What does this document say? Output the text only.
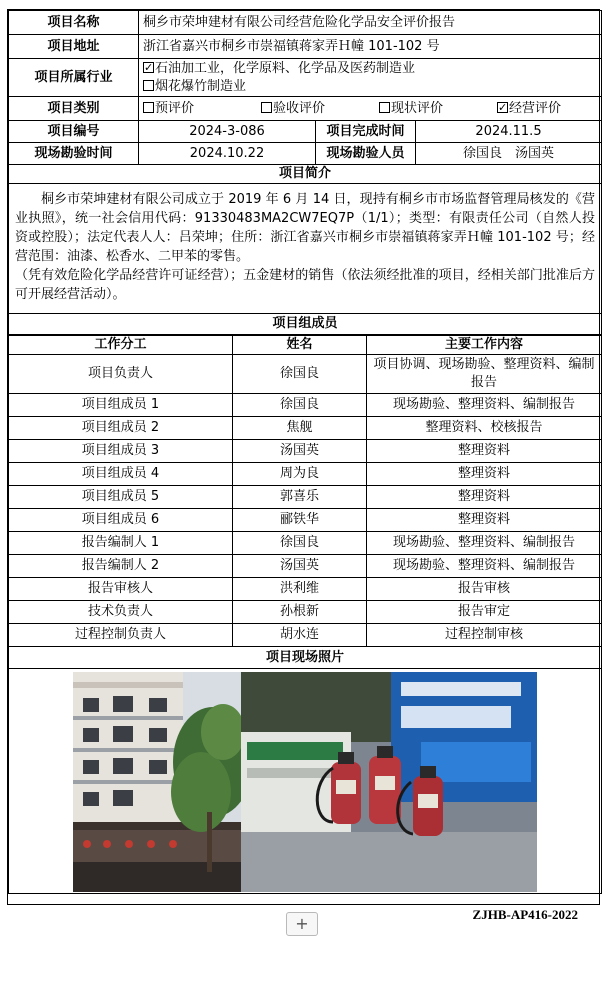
项目名称	桐乡市荣坤建材有限公司经营危险化学品安全评价报告		
项目地址	浙江省嘉兴市桐乡市崇福镇蒋家弄Ｈ幢 101-102 号		
项目所属行业	
✓石油加工业，化学原料、化学品及医药制造业
烟花爆竹制造业

项目类别	预评价 验收评价 现状评价 ✓ 经营评价
项目编号	2024-3-086	项目完成时间	2024.11.5
现场勘验时间	2024.10.22	现场勘验人员	徐国良　汤国英
项目简介			

桐乡市荣坤建材有限公司成立于 2019 年 6 月 14 日，现持有桐乡市市场监督管理局核发的《营业执照》，统一社会信用代码：91330483MA2CW7EQ7P（1/1）；类型：有限责任公司（自然人投资或控股）；法定代表人人：吕荣坤；住所：浙江省嘉兴市桐乡市崇福镇蒋家弄Ｈ幢 101-102 号；经营范围：油漆、松香水、二甲苯的零售。

（凭有效危险化学品经营许可证经营）；五金建材的销售（依法须经批准的项目，经相关部门批准后方可开展经营活动）。			

项目组成员			
工作分工	姓名	主要工作内容
项目负责人	徐国良	项目协调、现场勘验、整理资料、编制报告
项目组成员 1	徐国良	现场勘验、整理资料、编制报告
项目组成员 2	焦舰	整理资料、校核报告
项目组成员 3	汤国英	整理资料
项目组成员 4	周为良	整理资料
项目组成员 5	郭喜乐	整理资料
项目组成员 6	郦铁华	整理资料
报告编制人 1	徐国良	现场勘验、整理资料、编制报告
报告编制人 2	汤国英	现场勘验、整理资料、编制报告
报告审核人	洪利维	报告审核
技术负责人	孙根新	报告审定
过程控制负责人	胡水连	过程控制审核
项目现场照片		

+	ZJHB-AP416-2022
